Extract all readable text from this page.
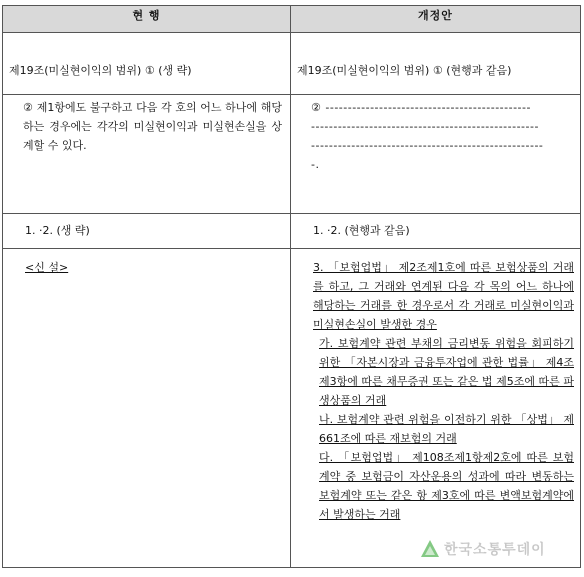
현 행	개정안

제19조(미실현이익의 범위) ① (생 략)	제19조(미실현이익의 범위) ① (현행과 같음)

② 제1항에도 불구하고 다음 각 호의 어느 하나에 해당하는 경우에는 각각의 미실현이익과 미실현손실을 상계할 수 있다.	② ----------------------------------------------
---------------------------------------------------
----------------------------------------------------
-.

1. ·2. (생 략)	1. ·2. (현행과 같음)

<신 설>	3. 「보험업법」 제2조제1호에 따른 보험상품의 거래를 하고, 그 거래와 연계된 다음 각 목의 어느 하나에 해당하는 거래를 한 경우로서 각 거래로 미실현이익과 미실현손실이 발생한 경우
가. 보험계약 관련 부채의 금리변동 위험을 회피하기 위한 「자본시장과 금융투자업에 관한 법률」 제4조제3항에 따른 채무증권 또는 같은 법 제5조에 따른 파생상품의 거래
나. 보험계약 관련 위험을 이전하기 위한 「상법」 제661조에 따른 재보험의 거래
다. 「보험업법」 제108조제1항제2호에 따른 보험계약 중 보험금이 자산운용의 성과에 따라 변동하는 보험계약 또는 같은 항 제3호에 따른 변액보험계약에서 발생하는 거래
한국소통투데이
